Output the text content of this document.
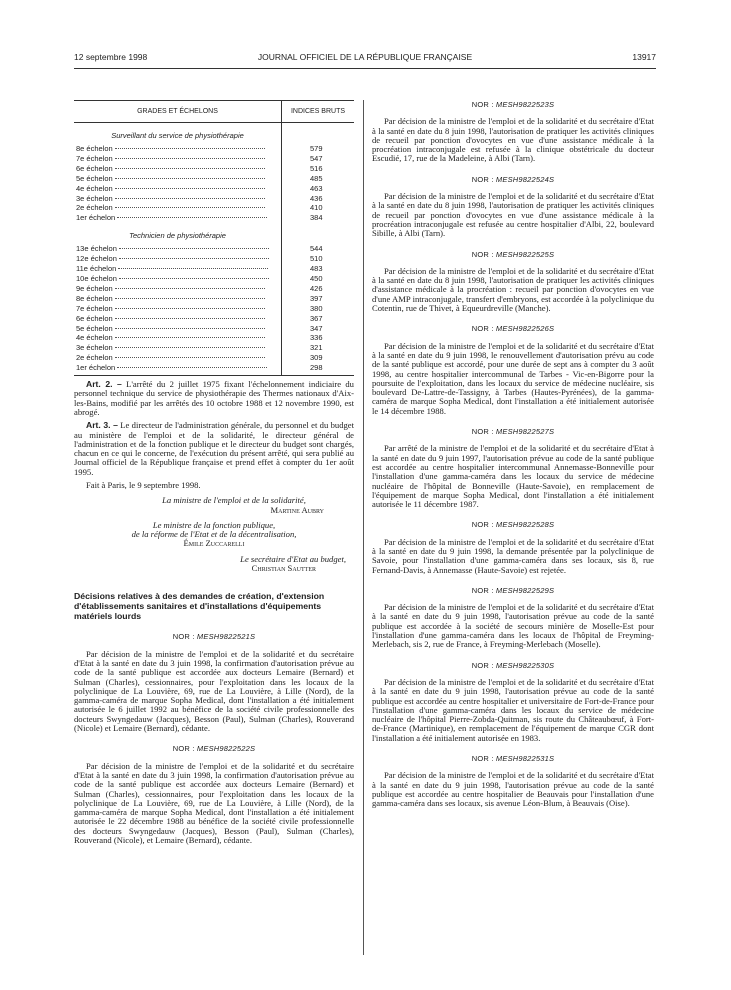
12 septembre 1998	JOURNAL OFFICIEL DE LA RÉPUBLIQUE FRANÇAISE	13917
GRADES ET ÉCHELONS	INDICES BRUTS
Surveillant du service de physiothérapie	
8e échelon	579
7e échelon	547
6e échelon	516
5e échelon	485
4e échelon	463
3e échelon	436
2e échelon	410
1er échelon	384
Technicien de physiothérapie	
13e échelon	544
12e échelon	510
11e échelon	483
10e échelon	450
9e échelon	426
8e échelon	397
7e échelon	380
6e échelon	367
5e échelon	347
4e échelon	336
3e échelon	321
2e échelon	309
1er échelon	298

Art. 2. – L'arrêté du 2 juillet 1975 fixant l'échelonnement indiciaire du personnel technique du service de physiothérapie des Thermes nationaux d'Aix-les-Bains, modifié par les arrêtés des 10 octobre 1988 et 12 novembre 1990, est abrogé.

Art. 3. – Le directeur de l'administration générale, du personnel et du budget au ministère de l'emploi et de la solidarité, le directeur général de l'administration et de la fonction publique et le directeur du budget sont chargés, chacun en ce qui le concerne, de l'exécution du présent arrêté, qui sera publié au Journal officiel de la République française et prend effet à compter du 1er août 1995.

Fait à Paris, le 9 septembre 1998.

La ministre de l'emploi et de la solidarité,
Martine Aubry
Le ministre de la fonction publique,
de la réforme de l'Etat et de la décentralisation,
Émile Zuccarelli
Le secrétaire d'Etat au budget,
Christian Sautter
Décisions relatives à des demandes de création, d'extension d'établissements sanitaires et d'installations d'équipements matériels lourds
NOR : MESH9822521S

Par décision de la ministre de l'emploi et de la solidarité et du secrétaire d'Etat à la santé en date du 3 juin 1998, la confirmation d'autorisation prévue au code de la santé publique est accordée aux docteurs Lemaire (Bernard) et Sulman (Charles), cessionnaires, pour l'exploitation dans les locaux de la polyclinique de La Louvière, 69, rue de La Louvière, à Lille (Nord), de la gamma-caméra de marque Sopha Medical, dont l'installation a été initialement autorisée le 6 juillet 1992 au bénéfice de la société civile professionnelle des docteurs Swyngedauw (Jacques), Besson (Paul), Sulman (Charles), Rouverand (Nicole) et Lemaire (Bernard), cédante.

NOR : MESH9822522S

Par décision de la ministre de l'emploi et de la solidarité et du secrétaire d'Etat à la santé en date du 3 juin 1998, la confirmation d'autorisation prévue au code de la santé publique est accordée aux docteurs Lemaire (Bernard) et Sulman (Charles), cessionnaires, pour l'exploitation dans les locaux de la polyclinique de La Louvière, 69, rue de La Louvière, à Lille (Nord), de la gamma-caméra de marque Sopha Medical, dont l'installation a été initialement autorisée le 22 décembre 1988 au bénéfice de la société civile professionnelle des docteurs Swyngedauw (Jacques), Besson (Paul), Sulman (Charles), Rouverand (Nicole), et Lemaire (Bernard), cédante.

NOR : MESH9822523S

Par décision de la ministre de l'emploi et de la solidarité et du secrétaire d'Etat à la santé en date du 8 juin 1998, l'autorisation de pratiquer les activités cliniques de recueil par ponction d'ovocytes en vue d'une assistance médicale à la procréation intraconjugale est refusée à la clinique obstétricale du docteur Escudié, 17, rue de la Madeleine, à Albi (Tarn).

NOR : MESH9822524S

Par décision de la ministre de l'emploi et de la solidarité et du secrétaire d'Etat à la santé en date du 8 juin 1998, l'autorisation de pratiquer les activités cliniques de recueil par ponction d'ovocytes en vue d'une assistance médicale à la procréation intraconjugale est refusée au centre hospitalier d'Albi, 22, boulevard Sibille, à Albi (Tarn).

NOR : MESH9822525S

Par décision de la ministre de l'emploi et de la solidarité et du secrétaire d'Etat à la santé en date du 8 juin 1998, l'autorisation de pratiquer les activités cliniques d'assistance médicale à la procréation : recueil par ponction d'ovocytes en vue d'une AMP intraconjugale, transfert d'embryons, est accordée à la polyclinique du Cotentin, rue de Thivet, à Equeurdreville (Manche).

NOR : MESH9822526S

Par décision de la ministre de l'emploi et de la solidarité et du secrétaire d'Etat à la santé en date du 9 juin 1998, le renouvellement d'autorisation prévu au code de la santé publique est accordé, pour une durée de sept ans à compter du 3 août 1998, au centre hospitalier intercommunal de Tarbes - Vic-en-Bigorre pour la poursuite de l'exploitation, dans les locaux du service de médecine nucléaire, sis boulevard De-Lattre-de-Tassigny, à Tarbes (Hautes-Pyrénées), de la gamma-caméra de marque Sopha Medical, dont l'installation a été initialement autorisée le 14 décembre 1988.

NOR : MESH9822527S

Par arrêté de la ministre de l'emploi et de la solidarité et du secrétaire d'Etat à la santé en date du 9 juin 1997, l'autorisation prévue au code de la santé publique est accordée au centre hospitalier intercommunal Annemasse-Bonneville pour l'installation d'une gamma-caméra dans les locaux du service de médecine nucléaire de l'hôpital de Bonneville (Haute-Savoie), en remplacement de l'équipement de marque Sopha Medical, dont l'installation a été initialement autorisée le 11 décembre 1987.

NOR : MESH9822528S

Par décision de la ministre de l'emploi et de la solidarité et du secrétaire d'Etat à la santé en date du 9 juin 1998, la demande présentée par la polyclinique de Savoie, pour l'installation d'une gamma-caméra dans ses locaux, sis 8, rue Fernand-Davis, à Annemasse (Haute-Savoie) est rejetée.

NOR : MESH9822529S

Par décision de la ministre de l'emploi et de la solidarité et du secrétaire d'Etat à la santé en date du 9 juin 1998, l'autorisation prévue au code de la santé publique est accordée à la société de secours minière de Moselle-Est pour l'installation d'une gamma-caméra dans les locaux de l'hôpital de Freyming-Merlebach, sis 2, rue de France, à Freyming-Merlebach (Moselle).

NOR : MESH9822530S

Par décision de la ministre de l'emploi et de la solidarité et du secrétaire d'Etat à la santé en date du 9 juin 1998, l'autorisation prévue au code de la santé publique est accordée au centre hospitalier et universitaire de Fort-de-France pour l'installation d'une gamma-caméra dans les locaux du service de médecine nucléaire de l'hôpital Pierre-Zobda-Quitman, sis route du Châteaubœuf, à Fort-de-France (Martinique), en remplacement de l'équipement de marque CGR dont l'installation a été initialement autorisée en 1983.

NOR : MESH9822531S

Par décision de la ministre de l'emploi et de la solidarité et du secrétaire d'Etat à la santé en date du 9 juin 1998, l'autorisation prévue au code de la santé publique est accordée au centre hospitalier de Beauvais pour l'installation d'une gamma-caméra dans ses locaux, sis avenue Léon-Blum, à Beauvais (Oise).
